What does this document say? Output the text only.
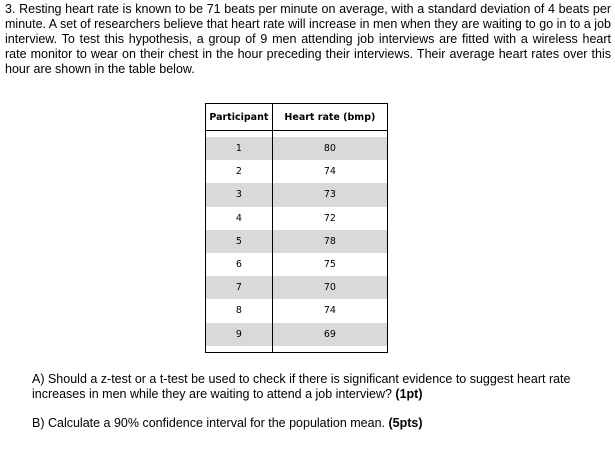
3. Resting heart rate is known to be 71 beats per minute on average, with a standard deviation of 4 beats per minute. A set of researchers believe that heart rate will increase in men when they are waiting to go in to a job interview. To test this hypothesis, a group of 9 men attending job interviews are fitted with a wireless heart rate monitor to wear on their chest in the hour preceding their interviews. Their average heart rates over this hour are shown in the table below.

Participant	Heart rate (bmp)

1	80
2	74
3	73
4	72
5	78
6	75
7	70
8	74
9	69

A) Should a z-test or a t-test be used to check if there is significant evidence to suggest heart rate increases in men while they are waiting to attend a job interview? (1pt)

B) Calculate a 90% confidence interval for the population mean. (5pts)
